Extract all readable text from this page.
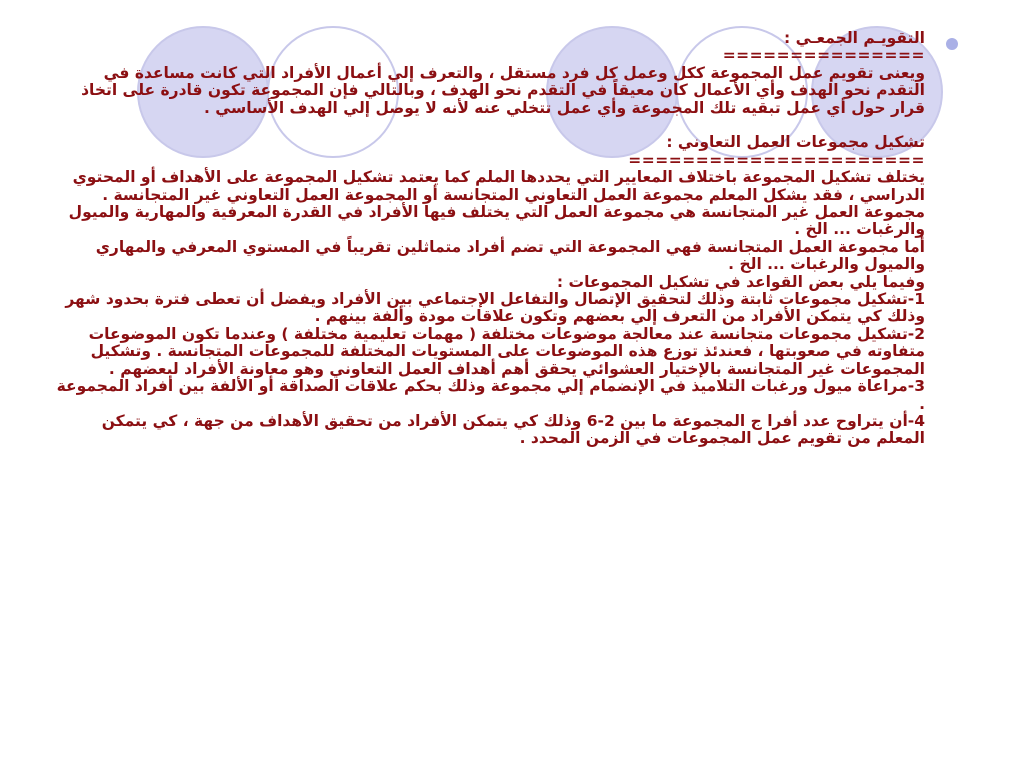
التقويـم الجمعـي :
===============
ويعنى تقويم عمل المجموعة ككل وعمل كل فرد مستقل ، والتعرف إلي أعمال الأفراد التي كانت مساعدة في التقدم نحو الهدف وأي الأعمال كان معيقاً في التقدم نحو الهدف ، وبالتالي فإن المجموعة تكون قادرة على اتخاذ قرار حول أي عمل تبقيه تلك المجموعة وأي عمل تتخلي عنه لأنه لا يوصل إلي الهدف الأساسي .
تشكيل مجموعات العمل التعاوني :
======================
يختلف تشكيل المجموعة باختلاف المعايير التي يحددها الملم كما يعتمد تشكيل المجموعة على الأهداف أو المحتوي الدراسي ، فقد يشكل المعلم مجموعة العمل التعاوني المتجانسة أو المجموعة العمل التعاوني غير المتجانسة .
مجموعة العمل غير المتجانسة هي مجموعة العمل التي يختلف فيها الأفراد في القدرة المعرفية والمهارية والميول والرغبات ... الخ .
أما مجموعة العمل المتجانسة فهي المجموعة التي تضم أفراد متماثلين تقريباً في المستوي المعرفي والمهاري والميول والرغبات ... الخ .
وفيما يلي بعض القواعد في تشكيل المجموعات :
1-تشكيل مجموعات ثابتة وذلك لتحقيق الإتصال والتفاعل الإجتماعي بين الأفراد ويفضل أن تعطى فترة بحدود شهر وذلك كي يتمكن الأفراد من التعرف إلي بعضهم وتكون علاقات مودة وألفة بينهم .
2-تشكيل مجموعات متجانسة عند معالجة موضوعات مختلفة ( مهمات تعليمية مختلفة ) وعندما تكون الموضوعات متفاوته في صعوبتها ، فعندئذ توزع هذه الموضوعات على المستويات المختلفة للمجموعات المتجانسة . وتشكيل المجموعات غير المتجانسة بالإختيار العشوائي يحقق أهم أهداف العمل التعاوني وهو معاونة الأفراد لبعضهم .
3-مراعاة ميول ورغبات التلاميذ في الإنضمام إلي مجموعة وذلك بحكم علاقات الصداقة أو الألفة بين أفراد المجموعة .
4-أن يتراوح عدد أفرا ج المجموعة ما بين 2-6 وذلك كي يتمكن الأفراد من تحقيق الأهداف من جهة ، كي يتمكن المعلم من تقويم عمل المجموعات في الزمن المحدد .
